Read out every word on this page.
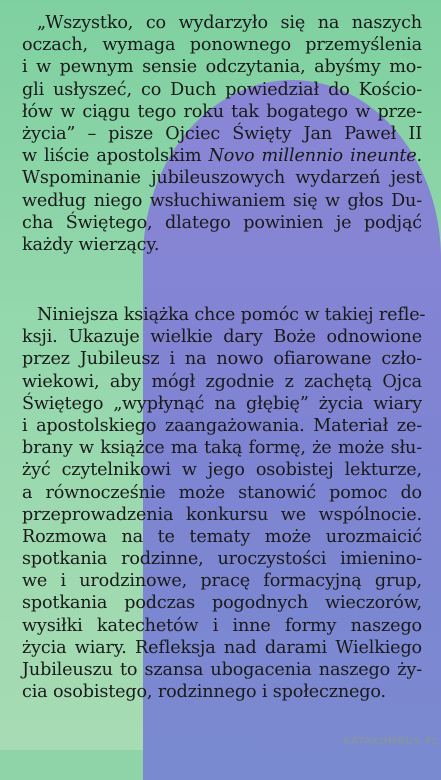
„Wszystko, co wydarzyło się na naszych
oczach, wymaga ponownego przemyślenia
i w pewnym sensie odczytania, abyśmy mo-
gli usłyszeć, co Duch powiedział do Kościo-
łów w ciągu tego roku tak bogatego w prze-
życia” – pisze Ojciec Święty Jan Paweł II
w liście apostolskim Novo millennio ineunte.
Wspominanie jubileuszowych wydarzeń jest
według niego wsłuchiwaniem się w głos Du-
cha Świętego, dlatego powinien je podjąć
każdy wierzący.
Niniejsza książka chce pomóc w takiej refle-
ksji. Ukazuje wielkie dary Boże odnowione
przez Jubileusz i na nowo ofiarowane czło-
wiekowi, aby mógł zgodnie z zachętą Ojca
Świętego „wypłynąć na głębię” życia wiary
i apostolskiego zaangażowania. Materiał ze-
brany w książce ma taką formę, że może słu-
żyć czytelnikowi w jego osobistej lekturze,
a równocześnie może stanowić pomoc do
przeprowadzenia konkursu we wspólnocie.
Rozmowa na te tematy może urozmaicić
spotkania rodzinne, uroczystości imienino-
we i urodzinowe, pracę formacyjną grup,
spotkania podczas pogodnych wieczorów,
wysiłki katechetów i inne formy naszego
życia wiary. Refleksja nad darami Wielkiego
Jubileuszu to szansa ubogacenia naszego ży-
cia osobistego, rodzinnego i społecznego.
KATAKUMBUS.PL
